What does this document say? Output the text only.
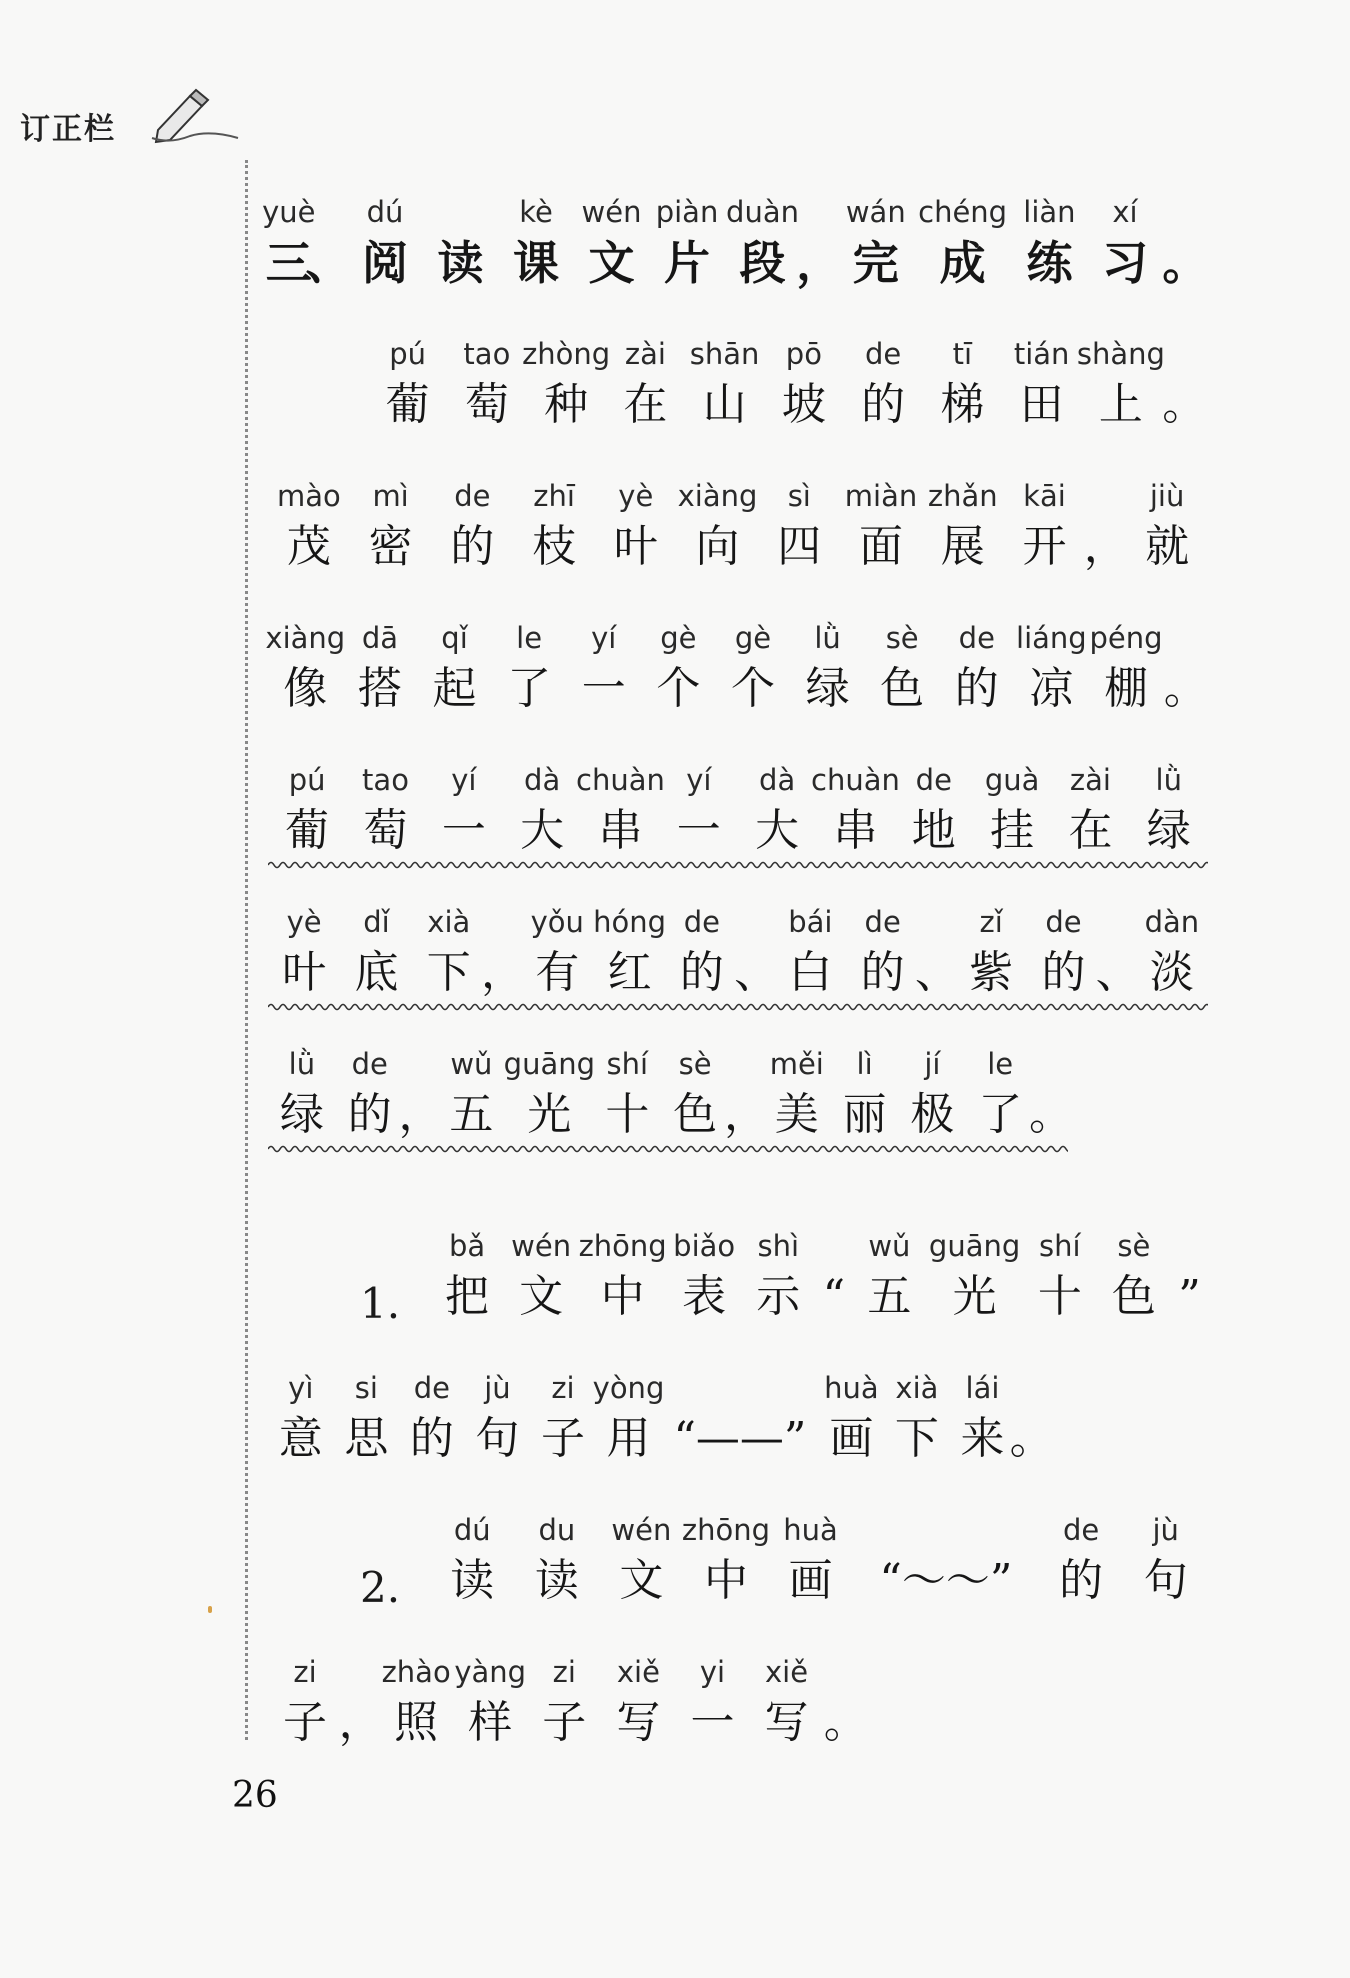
订正栏
yuè
三
、
dú
阅 读
kè
课
wén
文
piàn
片
duàn
段 ，
wán
完
chéng
成
liàn
练
xí
习 。
pú
葡
tao
萄
zhòng
种
zài
在
shān
山
pō
坡
de
的
tī
梯
tián
田
shàng
上 。
mào
茂
mì
密
de
的
zhī
枝
yè
叶
xiàng
向
sì
四
miàn
面
zhǎn
展
kāi
开 ，
jiù
就
xiàng
像
dā
搭
qǐ
起
le
了
yí
一
gè
个
gè
个
lǜ
绿
sè
色
de
的
liáng
凉
péng
棚 。
pú
葡
tao
萄
yí
一
dà
大
chuàn
串
yí
一
dà
大
chuàn
串
de
地
guà
挂
zài
在
lǜ
绿
yè
叶
dǐ
底
xià
下 ，
yǒu
有
hóng
红
de
的 、
bái
白
de
的 、
zǐ
紫
de
的 、
dàn
淡
lǜ
绿
de
的 ，
wǔ
五
guāng
光
shí
十
sè
色 ，
měi
美
lì
丽
jí
极
le
了 。
1.
bǎ
把
wén
文
zhōng
中
biǎo
表
shì
示 “
wǔ
五
guāng
光
shí
十
sè
色 ”
yì
意
si
思
de
的
jù
句
zi
子
yòng
用 “——”
huà
画
xià
下
lái
来 。
2.
dú
读
du
读
wén
文
zhōng
中
huà
画 “～～”
de
的
jù
句
zi
子 ，
zhào
照
yàng
样
zi
子
xiě
写
yi
一
xiě
写 。
26
